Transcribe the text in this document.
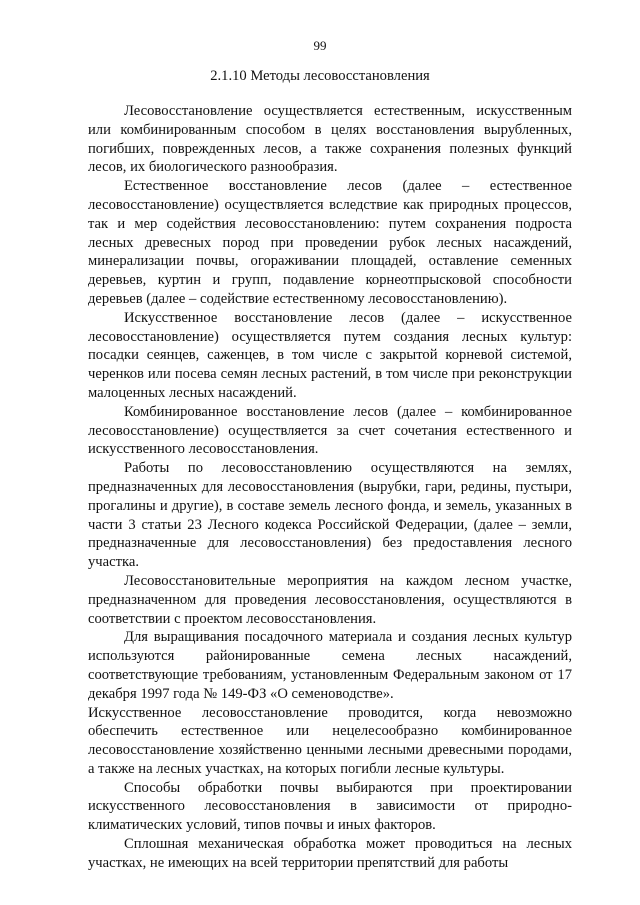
99
2.1.10 Методы лесовосстановления

Лесовосстановление осуществляется естественным, искусственным или комбинированным способом в целях восстановления вырубленных, погибших, поврежденных лесов, а также сохранения полезных функций лесов, их биологического разнообразия.

Естественное восстановление лесов (далее – естественное лесовосстановление) осуществляется вследствие как природных процессов, так и мер содействия лесовосстановлению: путем сохранения подроста лесных древесных пород при проведении рубок лесных насаждений, минерализации почвы, огораживании площадей, оставление семенных деревьев, куртин и групп, подавление корнеотпрысковой способности деревьев (далее – содействие естественному лесовосстановлению).

Искусственное восстановление лесов (далее – искусственное лесовосстановление) осуществляется путем создания лесных культур: посадки сеянцев, саженцев, в том числе с закрытой корневой системой, черенков или посева семян лесных растений, в том числе при реконструкции малоценных лесных насаждений.

Комбинированное восстановление лесов (далее – комбинированное лесовосстановление) осуществляется за счет сочетания естественного и искусственного лесовосстановления.

Работы по лесовосстановлению осуществляются на землях, предназначенных для лесовосстановления (вырубки, гари, редины, пустыри, прогалины и другие), в составе земель лесного фонда, и земель, указанных в части 3 статьи 23 Лесного кодекса Российской Федерации, (далее – земли, предназначенные для лесовосстановления) без предоставления лесного участка.

Лесовосстановительные мероприятия на каждом лесном участке, предназначенном для проведения лесовосстановления, осуществляются в соответствии с проектом лесовосстановления.

Для выращивания посадочного материала и создания лесных культур используются районированные семена лесных насаждений, соответствующие требованиям, установленным Федеральным законом от 17 декабря 1997 года № 149-ФЗ «О семеноводстве».

Искусственное лесовосстановление проводится, когда невозможно обеспечить естественное или нецелесообразно комбинированное лесовосстановление хозяйственно ценными лесными древесными породами, а также на лесных участках, на которых погибли лесные культуры.

Способы обработки почвы выбираются при проектировании искусственного лесовосстановления в зависимости от природно-климатических условий, типов почвы и иных факторов.

Сплошная механическая обработка может проводиться на лесных участках, не имеющих на всей территории препятствий для работы
